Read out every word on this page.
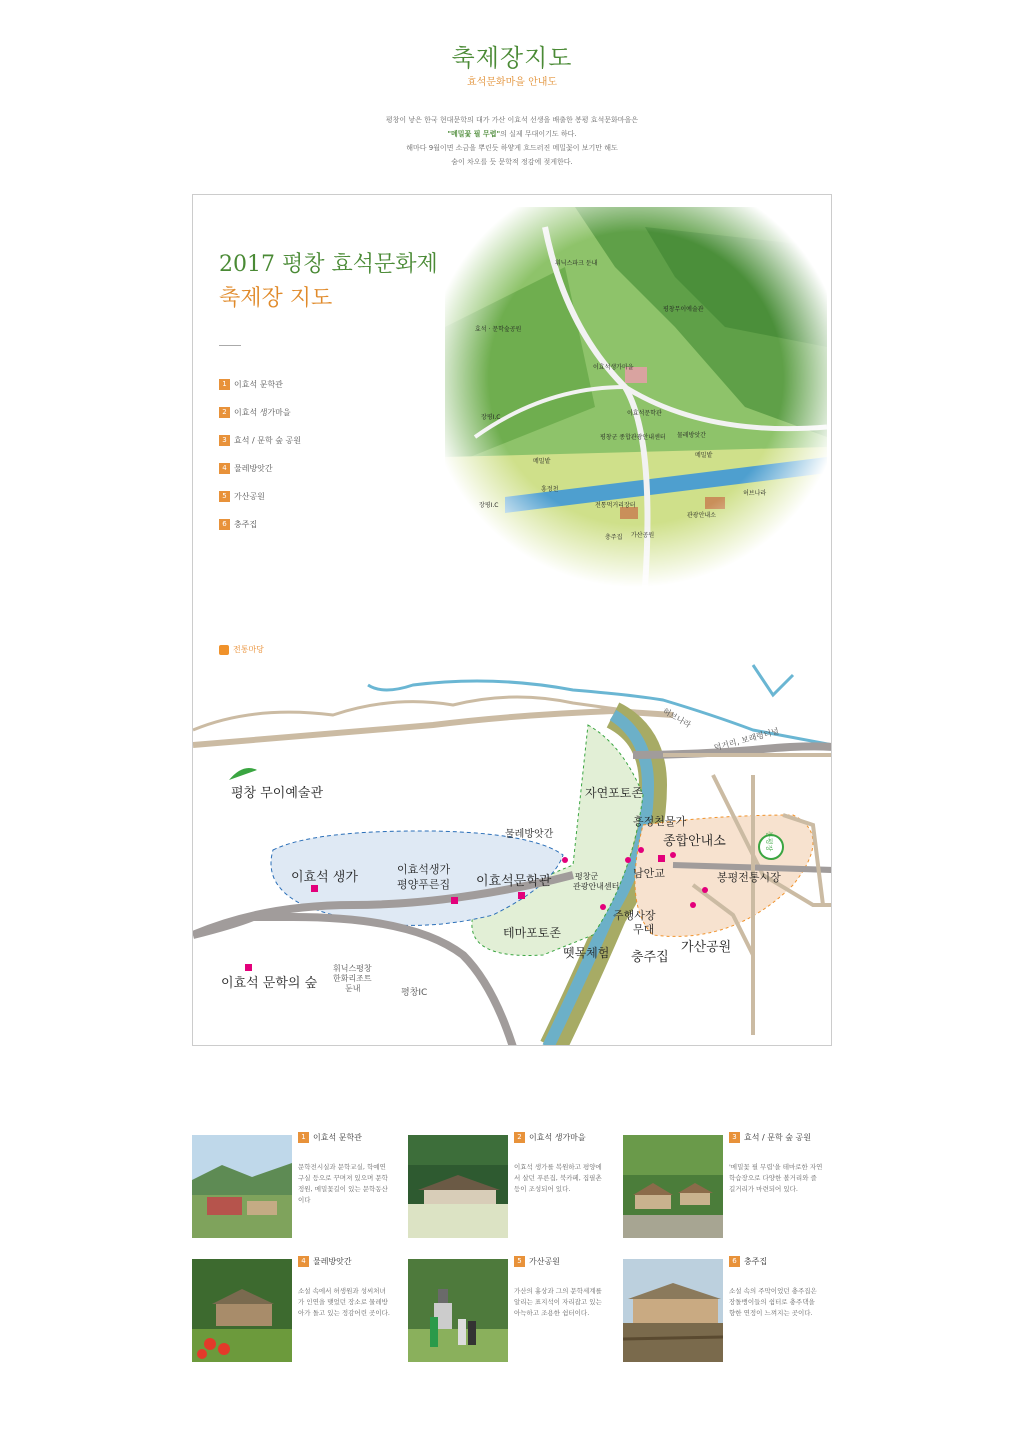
축제장지도
효석문화마을 안내도
평창이 낳은 한국 현대문학의 대가 가산 이효석 선생을 배출한 봉평 효석문화마을은
"메밀꽃 필 무렵"의 실제 무대이기도 하다.
해마다 9월이면 소금을 뿌린듯 하얗게 흐드러진 메밀꽃이 보기만 해도
숨이 차오를 듯 문학적 정감에 젖게한다.
2017 평창 효석문화제
축제장 지도
1 이효석 문학관
2 이효석 생가마을
3 효석 / 문학 숲 공원
4 물레방앗간
5 가산공원
6 충주집
전통마당
휘닉스파크 둔내
평창무이예술관
효석 · 문학숲공원
이효석생가마을
이효석문학관
평창군 종합관광안내센터 물레방앗간
메밀밭
메밀밭
장평I.C
장평I.C
흥정천
전통먹거리장터
관광안내소
충주집 가산공원
허브나라
평창 무이예술관	자연포토존
물레방앗간
흥정천물가
종합안내소
이효석 생가
이효석생가
평양푸른집 이효석문학관	평창군
관광안내센터
남안교	봉평전통시장
봉평장
주행사장
무대
테마포토존
뗏목체험 충주집
가산공원
이효석 문학의 숲
휘닉스평창
한화리조트
둔내	평창IC
허브나라
덕거리, 보래령터널
1 이효석 문학관
문학전시실과 문학교실, 학예연구실 등으로 꾸며져 있으며 문학정원, 메밀꽃길이 있는 문학동산이다
2 이효석 생가마을
이효석 생가를 복원하고 평양에서 살던 푸른집, 북카페, 집필촌 등이 조성되어 있다.
3 효석 / 문학 숲 공원
'메밀꽃 필 무렵'을 테마로한 자연학습장으로 다양한 볼거리와 즐길거리가 마련되어 있다.
4 물레방앗간
소설 속에서 허생원과 성씨처녀가 인연을 맺었던 장소로 물레방아가 돌고 있는 정감어린 곳이다.
5 가산공원
가산의 흉상과 그의 문학세계를 알리는 표지석이 자리잡고 있는 아늑하고 조용한 쉼터이다.
6 충주집
소설 속의 주막이었던 충주집은 장돌뱅이들의 쉼터로 충주댁을 향한 연정이 느껴지는 곳이다.
